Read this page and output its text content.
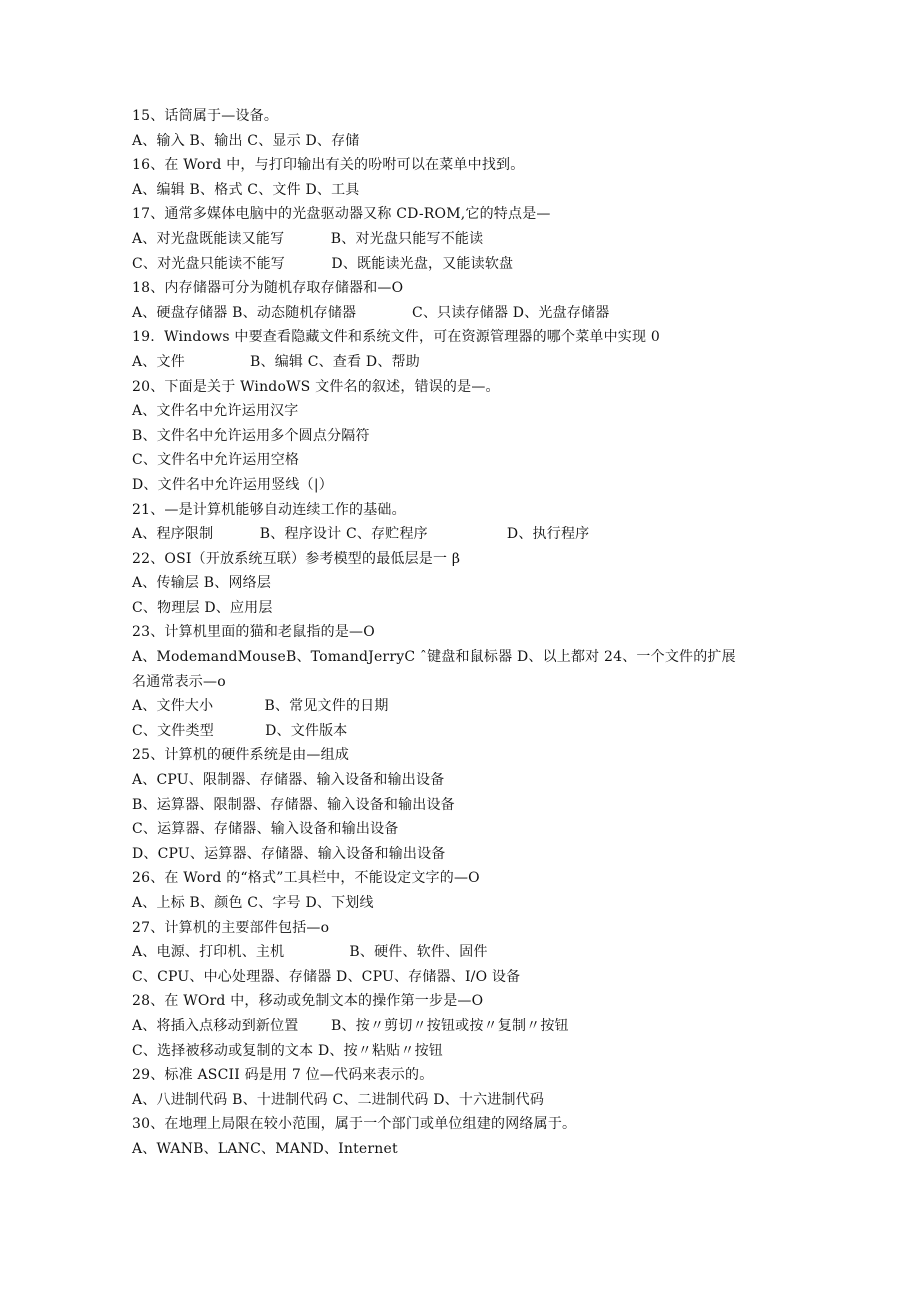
15、话筒属于—设备。
A、输入 B、输出 C、显示 D、存储
16、在 Word 中，与打印输出有关的吩咐可以在菜单中找到。
A、编辑 B、格式 C、文件 D、工具
17、通常多媒体电脑中的光盘驱动器又称 CD-ROM,它的特点是—
A、对光盘既能读又能写          B、对光盘只能写不能读
C、对光盘只能读不能写          D、既能读光盘，又能读软盘
18、内存储器可分为随机存取存储器和—O
A、硬盘存储器 B、动态随机存储器            C、只读存储器 D、光盘存储器
19.  Windows 中要查看隐藏文件和系统文件，可在资源管理器的哪个菜单中实现 0
A、文件              B、编辑 C、查看 D、帮助
20、下面是关于 WindoWS 文件名的叙述，错误的是—。
A、文件名中允许运用汉字
B、文件名中允许运用多个圆点分隔符
C、文件名中允许运用空格
D、文件名中允许运用竖线（|）
21、—是计算机能够自动连续工作的基础。
A、程序限制          B、程序设计 C、存贮程序                 D、执行程序
22、OSI（开放系统互联）参考模型的最低层是一 β
A、传输层 B、网络层
C、物理层 D、应用层
23、计算机里面的猫和老鼠指的是—O
A、ModemandMouseB、TomandJerryC ˆ键盘和鼠标器 D、以上都对 24、一个文件的扩展名通常表示—o
A、文件大小           B、常见文件的日期
C、文件类型           D、文件版本
25、计算机的硬件系统是由—组成
A、CPU、限制器、存储器、输入设备和输出设备
B、运算器、限制器、存储器、输入设备和输出设备
C、运算器、存储器、输入设备和输出设备
D、CPU、运算器、存储器、输入设备和输出设备
26、在 Word 的“格式”工具栏中，不能设定文字的—O
A、上标 B、颜色 C、字号 D、下划线
27、计算机的主要部件包括—o
A、电源、打印机、主机              B、硬件、软件、固件
C、CPU、中心处理器、存储器 D、CPU、存储器、I/O 设备
28、在 WOrd 中，移动或免制文本的操作第一步是—O
A、将插入点移动到新位置       B、按〃剪切〃按钮或按〃复制〃按钮
C、选择被移动或复制的文本 D、按〃粘贴〃按钮
29、标准 ASCII 码是用 7 位—代码来表示的。
A、八进制代码 B、十进制代码 C、二进制代码 D、十六进制代码
30、在地理上局限在较小范围，属于一个部门或单位组建的网络属于。
A、WANB、LANC、MAND、Internet
